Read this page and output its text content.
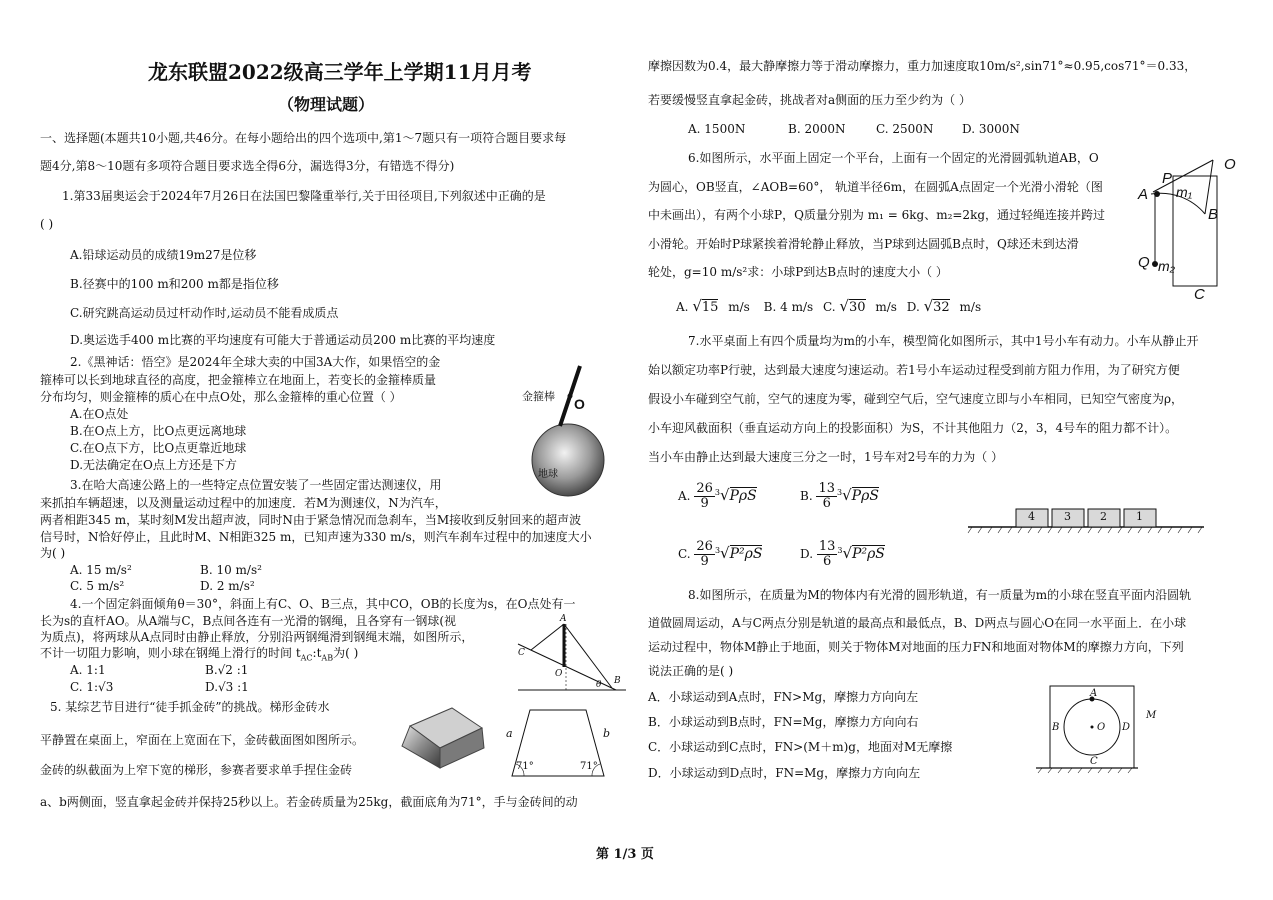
龙东联盟2022级高三学年上学期11月月考
（物理试题）
一、选择题(本题共10小题,共46分。在每小题给出的四个选项中,第1～7题只有一项符合题目要求每
题4分,第8～10题有多项符合题目要求选全得6分，漏选得3分，有错选不得分)
1.第33届奥运会于2024年7月26日在法国巴黎隆重举行,关于田径项目,下列叙述中正确的是
( )
A.铅球运动员的成绩19m27是位移
B.径赛中的100 m和200 m都是指位移
C.研究跳高运动员过杆动作时,运动员不能看成质点
D.奥运选手400 m比赛的平均速度有可能大于普通运动员200 m比赛的平均速度
2.《黑神话：悟空》是2024年全球大卖的中国3A大作，如果悟空的金
箍棒可以长到地球直径的高度，把金箍棒立在地面上，若变长的金箍棒质量
分布均匀，则金箍棒的质心在中点O处，那么金箍棒的重心位置（ ）
A.在O点处
B.在O点上方，比O点更远离地球
C.在O点下方，比O点更靠近地球
D.无法确定在O点上方还是下方
金箍棒 O
地球
3.在哈大高速公路上的一些特定点位置安装了一些固定雷达测速仪，用
来抓拍车辆超速，以及测量运动过程中的加速度．若M为测速仪，N为汽车，
两者相距345 m，某时刻M发出超声波，同时N由于紧急情况而急刹车，当M接收到反射回来的超声波
信号时，N恰好停止，且此时M、N相距325 m，已知声速为330 m/s，则汽车刹车过程中的加速度大小
为( )
A. 15 m/s²	B. 10 m/s²
C. 5 m/s²	D. 2 m/s²
4.一个固定斜面倾角θ＝30°，斜面上有C、O、B三点，其中CO，OB的长度为s，在O点处有一
长为s的直杆AO。从A端与C，B点间各连有一光滑的钢绳，且各穿有一钢球(视
为质点)，将两球从A点同时由静止释放，分别沿两钢绳滑到钢绳末端，如图所示，
不计一切阻力影响，则小球在钢绳上滑行的时间 $t_{AC}:t_{AB}$为( )
A. 1:1	B.√2 :1
C. 1:√3	D.√3 :1
A
C
O
B
θ
5. 某综艺节目进行“徒手抓金砖”的挑战。梯形金砖水
平静置在桌面上，窄面在上宽面在下，金砖截面图如图所示。
金砖的纵截面为上窄下宽的梯形，参赛者要求单手捏住金砖
a、b两侧面，竖直拿起金砖并保持25秒以上。若金砖质量为25kg，截面底角为71°，手与金砖间的动
a	b
71°	71°
摩擦因数为0.4，最大静摩擦力等于滑动摩擦力，重力加速度取10m/s²,sin71°≈0.95,cos71°＝0.33，
若要缓慢竖直拿起金砖，挑战者对a侧面的压力至少约为（ ）
A. 1500N	B. 2000N	C. 2500N D. 3000N
6.如图所示，水平面上固定一个平台，上面有一个固定的光滑圆弧轨道AB，O
为圆心，OB竖直，∠AOB=60°， 轨道半径6m，在圆弧A点固定一个光滑小滑轮（图
中未画出），有两个小球P，Q质量分别为 m₁ = 6kg、m₂=2kg，通过轻绳连接并跨过
小滑轮。开始时P球紧挨着滑轮静止释放，当P球到达圆弧B点时，Q球还未到达滑
轮处，g=10 m/s²求：小球P到达B点时的速度大小（ ）
A. √15 m/s B. 4 m/s C. √30 m/s D. √32 m/s
O
P
m₁
A
B
Q m₂
C
7.水平桌面上有四个质量均为m的小车，模型简化如图所示，其中1号小车有动力。小车从静止开
始以额定功率P行驶，达到最大速度匀速运动。若1号小车运动过程受到前方阻力作用，为了研究方便
假设小车碰到空气前，空气的速度为零，碰到空气后，空气速度立即与小车相同，已知空气密度为ρ，
小车迎风截面积（垂直运动方向上的投影面积）为S，不计其他阻力（2，3，4号车的阻力都不计）。
当小车由静止达到最大速度三分之一时，1号车对2号车的力为（ ）
A. $\frac{26}{9} ^3√P\rho S$	B. $\frac{13}{6} ^3√P\rho S$
C. $\frac{26}{9} ^3√P^2\rho S$	D. $\frac{13}{6} ^3√P^2\rho S$
4	3	2	1
8.如图所示，在质量为M的物体内有光滑的圆形轨道，有一质量为m的小球在竖直平面内沿圆轨
道做圆周运动，A与C两点分别是轨道的最高点和最低点，B、D两点与圆心O在同一水平面上．在小球
运动过程中，物体M静止于地面，则关于物体M对地面的压力FN和地面对物体M的摩擦力方向，下列
说法正确的是( )
A．小球运动到A点时，FN>Mg，摩擦力方向向左
B．小球运动到B点时，FN=Mg，摩擦力方向向右
C．小球运动到C点时，FN>(M＋m)g，地面对M无摩擦
D．小球运动到D点时，FN=Mg，摩擦力方向向左
A
B	O D
C
M
第 1/3 页
